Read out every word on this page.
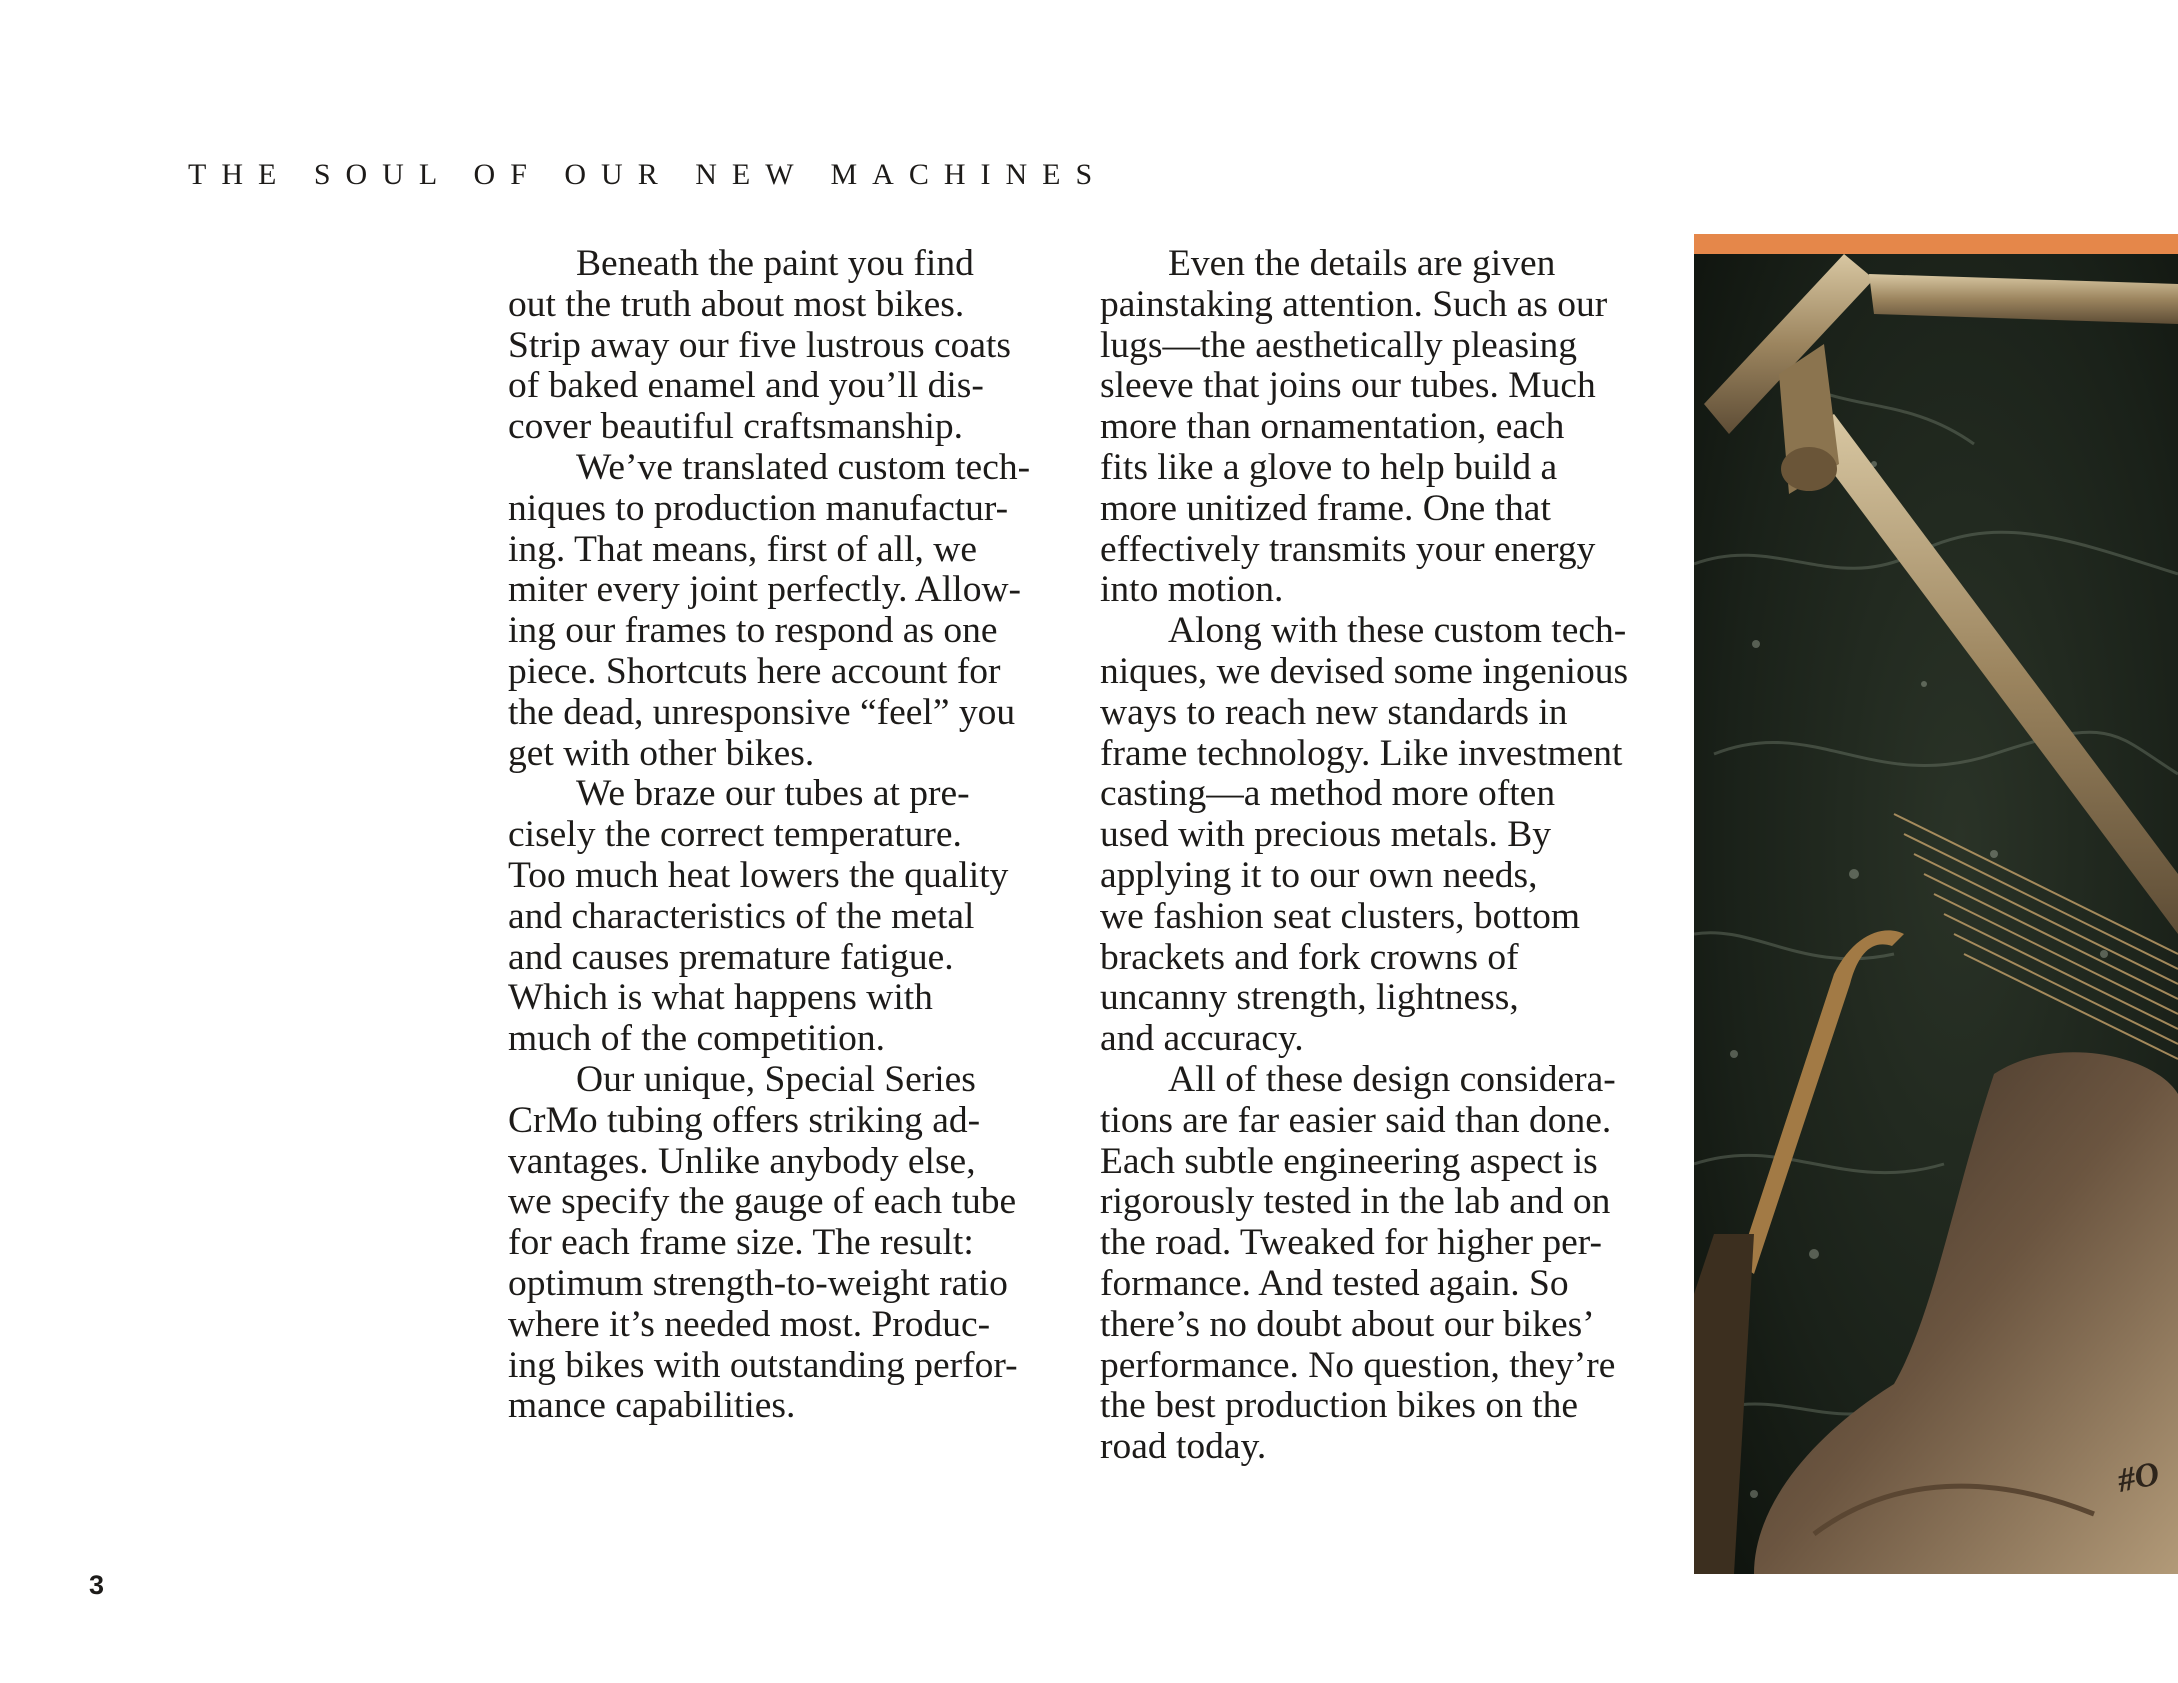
THE SOUL OF OUR NEW MACHINES
Beneath the paint you find
out the truth about most bikes.
Strip away our five lustrous coats
of baked enamel and you’ll dis-
cover beautiful craftsmanship.
We’ve translated custom tech-
niques to production manufactur-
ing. That means, first of all, we
miter every joint perfectly. Allow-
ing our frames to respond as one
piece. Shortcuts here account for
the dead, unresponsive “feel” you
get with other bikes.
We braze our tubes at pre-
cisely the correct temperature.
Too much heat lowers the quality
and characteristics of the metal
and causes premature fatigue.
Which is what happens with
much of the competition.
Our unique, Special Series
CrMo tubing offers striking ad-
vantages. Unlike anybody else,
we specify the gauge of each tube
for each frame size. The result:
optimum strength-to-weight ratio
where it’s needed most. Produc-
ing bikes with outstanding perfor-
mance capabilities.
Even the details are given
painstaking attention. Such as our
lugs—the aesthetically pleasing
sleeve that joins our tubes. Much
more than ornamentation, each
fits like a glove to help build a
more unitized frame. One that
effectively transmits your energy
into motion.
Along with these custom tech-
niques, we devised some ingenious
ways to reach new standards in
frame technology. Like investment
casting—a method more often
used with precious metals. By
applying it to our own needs,
we fashion seat clusters, bottom
brackets and fork crowns of
uncanny strength, lightness,
and accuracy.
All of these design considera-
tions are far easier said than done.
Each subtle engineering aspect is
rigorously tested in the lab and on
the road. Tweaked for higher per-
formance. And tested again. So
there’s no doubt about our bikes’
performance. No question, they’re
the best production bikes on the
road today.
#O
3
